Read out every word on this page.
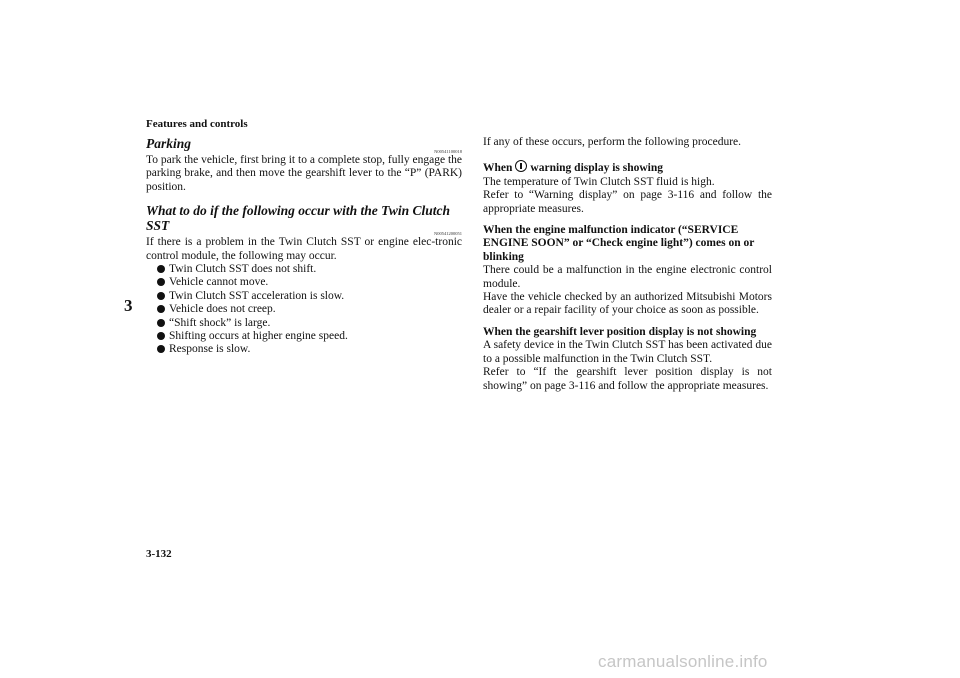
Features and controls
3
Parking
N00541100018

To park the vehicle, first bring it to a complete stop, fully engage the parking brake, and then move the gearshift lever to the “P” (PARK) position.

What to do if the following occur with the Twin Clutch SST
N00541200051

If there is a problem in the Twin Clutch SST or engine elec-tronic control module, the following may occur.

Twin Clutch SST does not shift.
Vehicle cannot move.
Twin Clutch SST acceleration is slow.
Vehicle does not creep.
“Shift shock” is large.
Shifting occurs at higher engine speed.
Response is slow.

If any of these occurs, perform the following procedure.

When warning display is showing

The temperature of Twin Clutch SST fluid is high.

Refer to “Warning display” on page 3-116 and follow the appropriate measures.

When the engine malfunction indicator (“SERVICE ENGINE SOON” or “Check engine light”) comes on or blinking

There could be a malfunction in the engine electronic control module.

Have the vehicle checked by an authorized Mitsubishi Motors dealer or a repair facility of your choice as soon as possible.

When the gearshift lever position display is not showing

A safety device in the Twin Clutch SST has been activated due to a possible malfunction in the Twin Clutch SST.

Refer to “If the gearshift lever position display is not showing” on page 3-116 and follow the appropriate measures.

3-132
carmanualsonline.info
